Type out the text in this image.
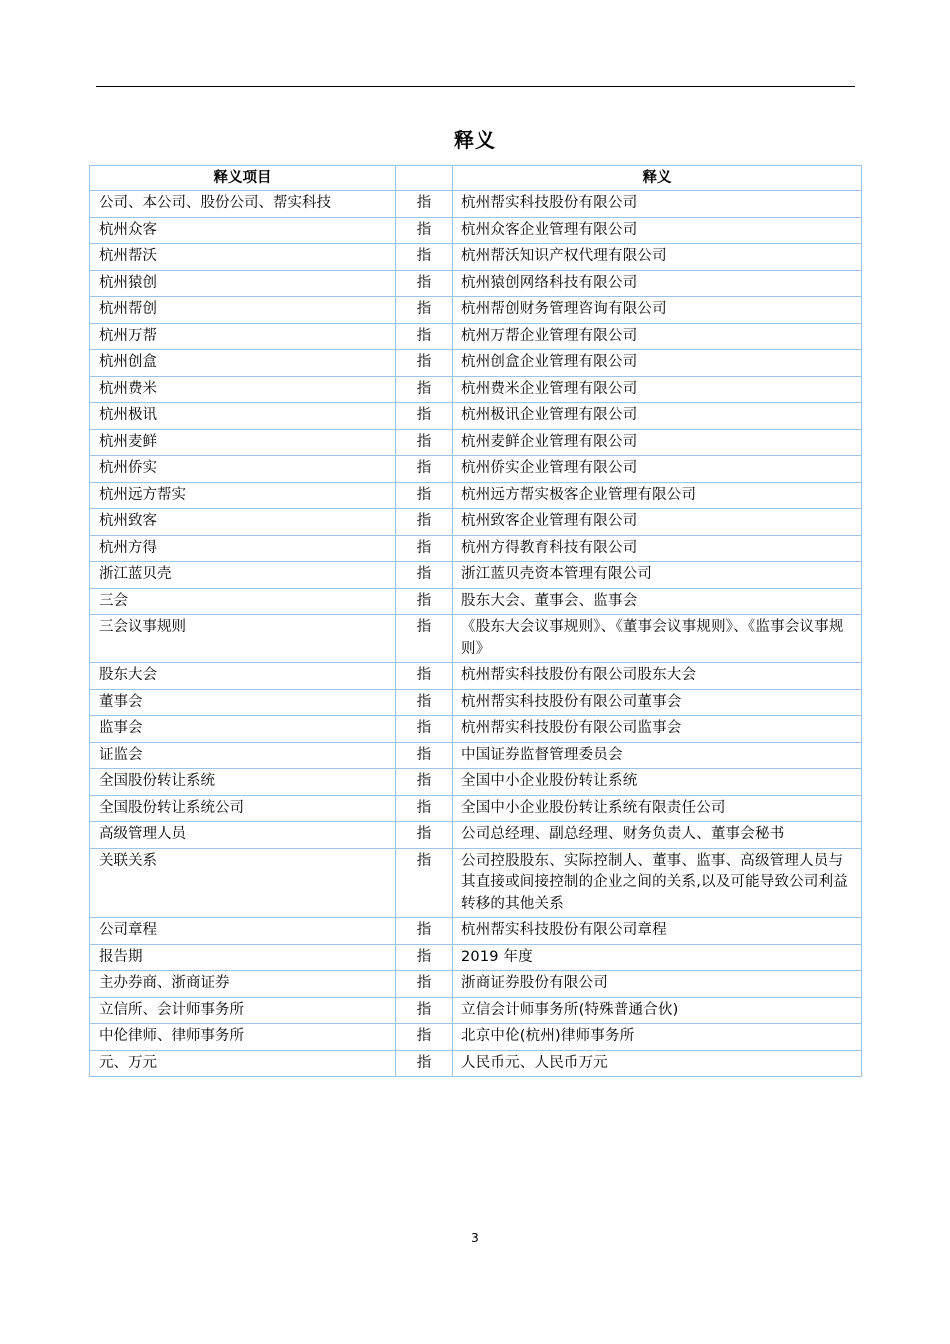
释义
释义项目		释义
公司、本公司、股份公司、帮实科技	指	杭州帮实科技股份有限公司
杭州众客	指	杭州众客企业管理有限公司
杭州帮沃	指	杭州帮沃知识产权代理有限公司
杭州猿创	指	杭州猿创网络科技有限公司
杭州帮创	指	杭州帮创财务管理咨询有限公司
杭州万帮	指	杭州万帮企业管理有限公司
杭州创盒	指	杭州创盒企业管理有限公司
杭州费米	指	杭州费米企业管理有限公司
杭州极讯	指	杭州极讯企业管理有限公司
杭州麦鲜	指	杭州麦鲜企业管理有限公司
杭州侨实	指	杭州侨实企业管理有限公司
杭州远方帮实	指	杭州远方帮实极客企业管理有限公司
杭州致客	指	杭州致客企业管理有限公司
杭州方得	指	杭州方得教育科技有限公司
浙江蓝贝壳	指	浙江蓝贝壳资本管理有限公司
三会	指	股东大会、董事会、监事会
三会议事规则	指	《股东大会议事规则》、《董事会议事规则》、《监事会议事规则》
股东大会	指	杭州帮实科技股份有限公司股东大会
董事会	指	杭州帮实科技股份有限公司董事会
监事会	指	杭州帮实科技股份有限公司监事会
证监会	指	中国证券监督管理委员会
全国股份转让系统	指	全国中小企业股份转让系统
全国股份转让系统公司	指	全国中小企业股份转让系统有限责任公司
高级管理人员	指	公司总经理、副总经理、财务负责人、董事会秘书
关联关系	指	公司控股股东、实际控制人、董事、监事、高级管理人员与其直接或间接控制的企业之间的关系,以及可能导致公司利益转移的其他关系
公司章程	指	杭州帮实科技股份有限公司章程
报告期	指	2019 年度
主办券商、浙商证券	指	浙商证券股份有限公司
立信所、会计师事务所	指	立信会计师事务所(特殊普通合伙)
中伦律师、律师事务所	指	北京中伦(杭州)律师事务所
元、万元	指	人民币元、人民币万元
3
